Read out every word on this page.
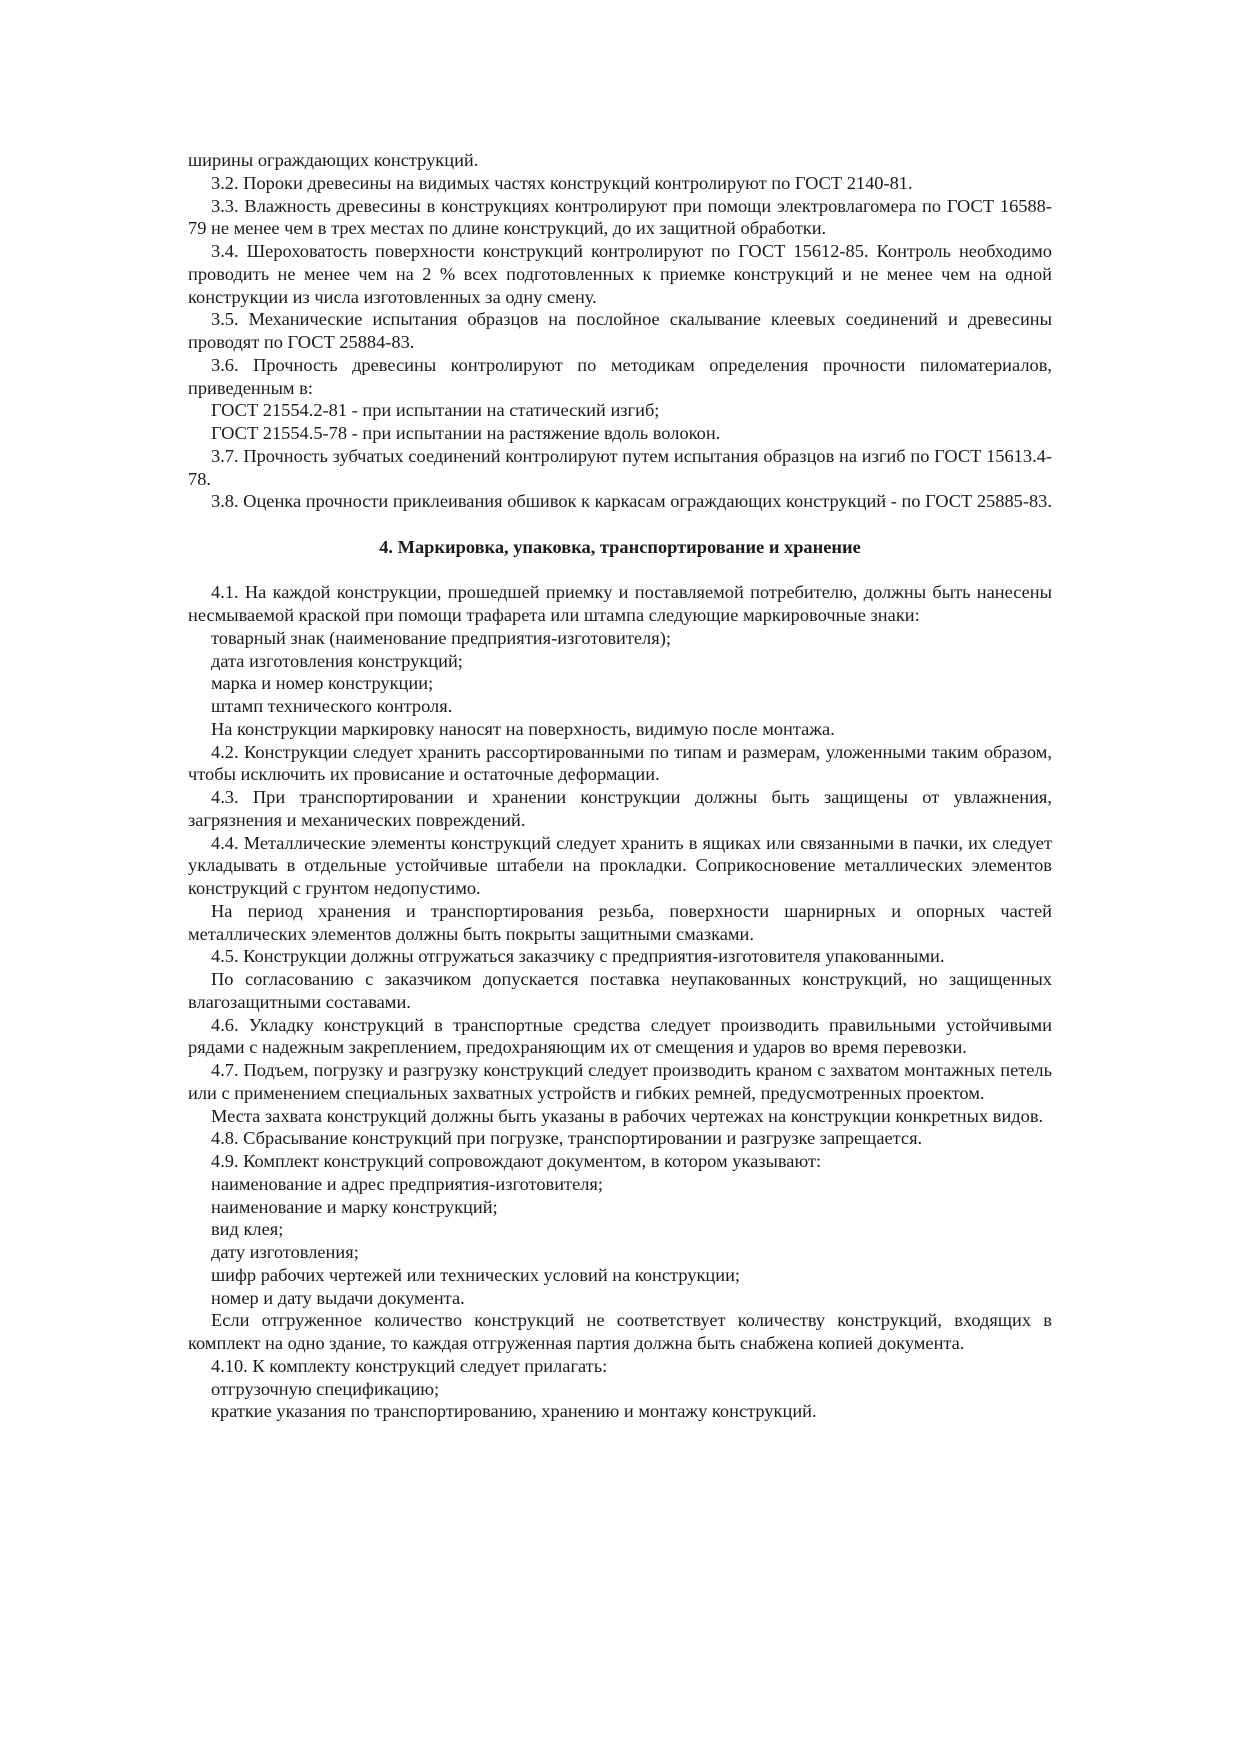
ширины ограждающих конструкций.

3.2. Пороки древесины на видимых частях конструкций контролируют по ГОСТ 2140-81.

3.3. Влажность древесины в конструкциях контролируют при помощи электровлагомера по ГОСТ 16588-79 не менее чем в трех местах по длине конструкций, до их защитной обработки.

3.4. Шероховатость поверхности конструкций контролируют по ГОСТ 15612-85. Контроль необходимо проводить не менее чем на 2 % всех подготовленных к приемке конструкций и не менее чем на одной конструкции из числа изготовленных за одну смену.

3.5. Механические испытания образцов на послойное скалывание клеевых соединений и древесины проводят по ГОСТ 25884-83.

3.6. Прочность древесины контролируют по методикам определения прочности пиломатериалов, приведенным в:

ГОСТ 21554.2-81 - при испытании на статический изгиб;

ГОСТ 21554.5-78 - при испытании на растяжение вдоль волокон.

3.7. Прочность зубчатых соединений контролируют путем испытания образцов на изгиб по ГОСТ 15613.4-78.

3.8. Оценка прочности приклеивания обшивок к каркасам ограждающих конструкций - по ГОСТ 25885-83.

4. Маркировка, упаковка, транспортирование и хранение

4.1. На каждой конструкции, прошедшей приемку и поставляемой потребителю, должны быть нанесены несмываемой краской при помощи трафарета или штампа следующие маркировочные знаки:

товарный знак (наименование предприятия-изготовителя);

дата изготовления конструкций;

марка и номер конструкции;

штамп технического контроля.

На конструкции маркировку наносят на поверхность, видимую после монтажа.

4.2. Конструкции следует хранить рассортированными по типам и размерам, уложенными таким образом, чтобы исключить их провисание и остаточные деформации.

4.3. При транспортировании и хранении конструкции должны быть защищены от увлажнения, загрязнения и механических повреждений.

4.4. Металлические элементы конструкций следует хранить в ящиках или связанными в пачки, их следует укладывать в отдельные устойчивые штабели на прокладки. Соприкосновение металлических элементов конструкций с грунтом недопустимо.

На период хранения и транспортирования резьба, поверхности шарнирных и опорных частей металлических элементов должны быть покрыты защитными смазками.

4.5. Конструкции должны отгружаться заказчику с предприятия-изготовителя упакованными.

По согласованию с заказчиком допускается поставка неупакованных конструкций, но защищенных влагозащитными составами.

4.6. Укладку конструкций в транспортные средства следует производить правильными устойчивыми рядами с надежным закреплением, предохраняющим их от смещения и ударов во время перевозки.

4.7. Подъем, погрузку и разгрузку конструкций следует производить краном с захватом монтажных петель или с применением специальных захватных устройств и гибких ремней, предусмотренных проектом.

Места захвата конструкций должны быть указаны в рабочих чертежах на конструкции конкретных видов.

4.8. Сбрасывание конструкций при погрузке, транспортировании и разгрузке запрещается.

4.9. Комплект конструкций сопровождают документом, в котором указывают:

наименование и адрес предприятия-изготовителя;

наименование и марку конструкций;

вид клея;

дату изготовления;

шифр рабочих чертежей или технических условий на конструкции;

номер и дату выдачи документа.

Если отгруженное количество конструкций не соответствует количеству конструкций, входящих в комплект на одно здание, то каждая отгруженная партия должна быть снабжена копией документа.

4.10. К комплекту конструкций следует прилагать:

отгрузочную спецификацию;

краткие указания по транспортированию, хранению и монтажу конструкций.
